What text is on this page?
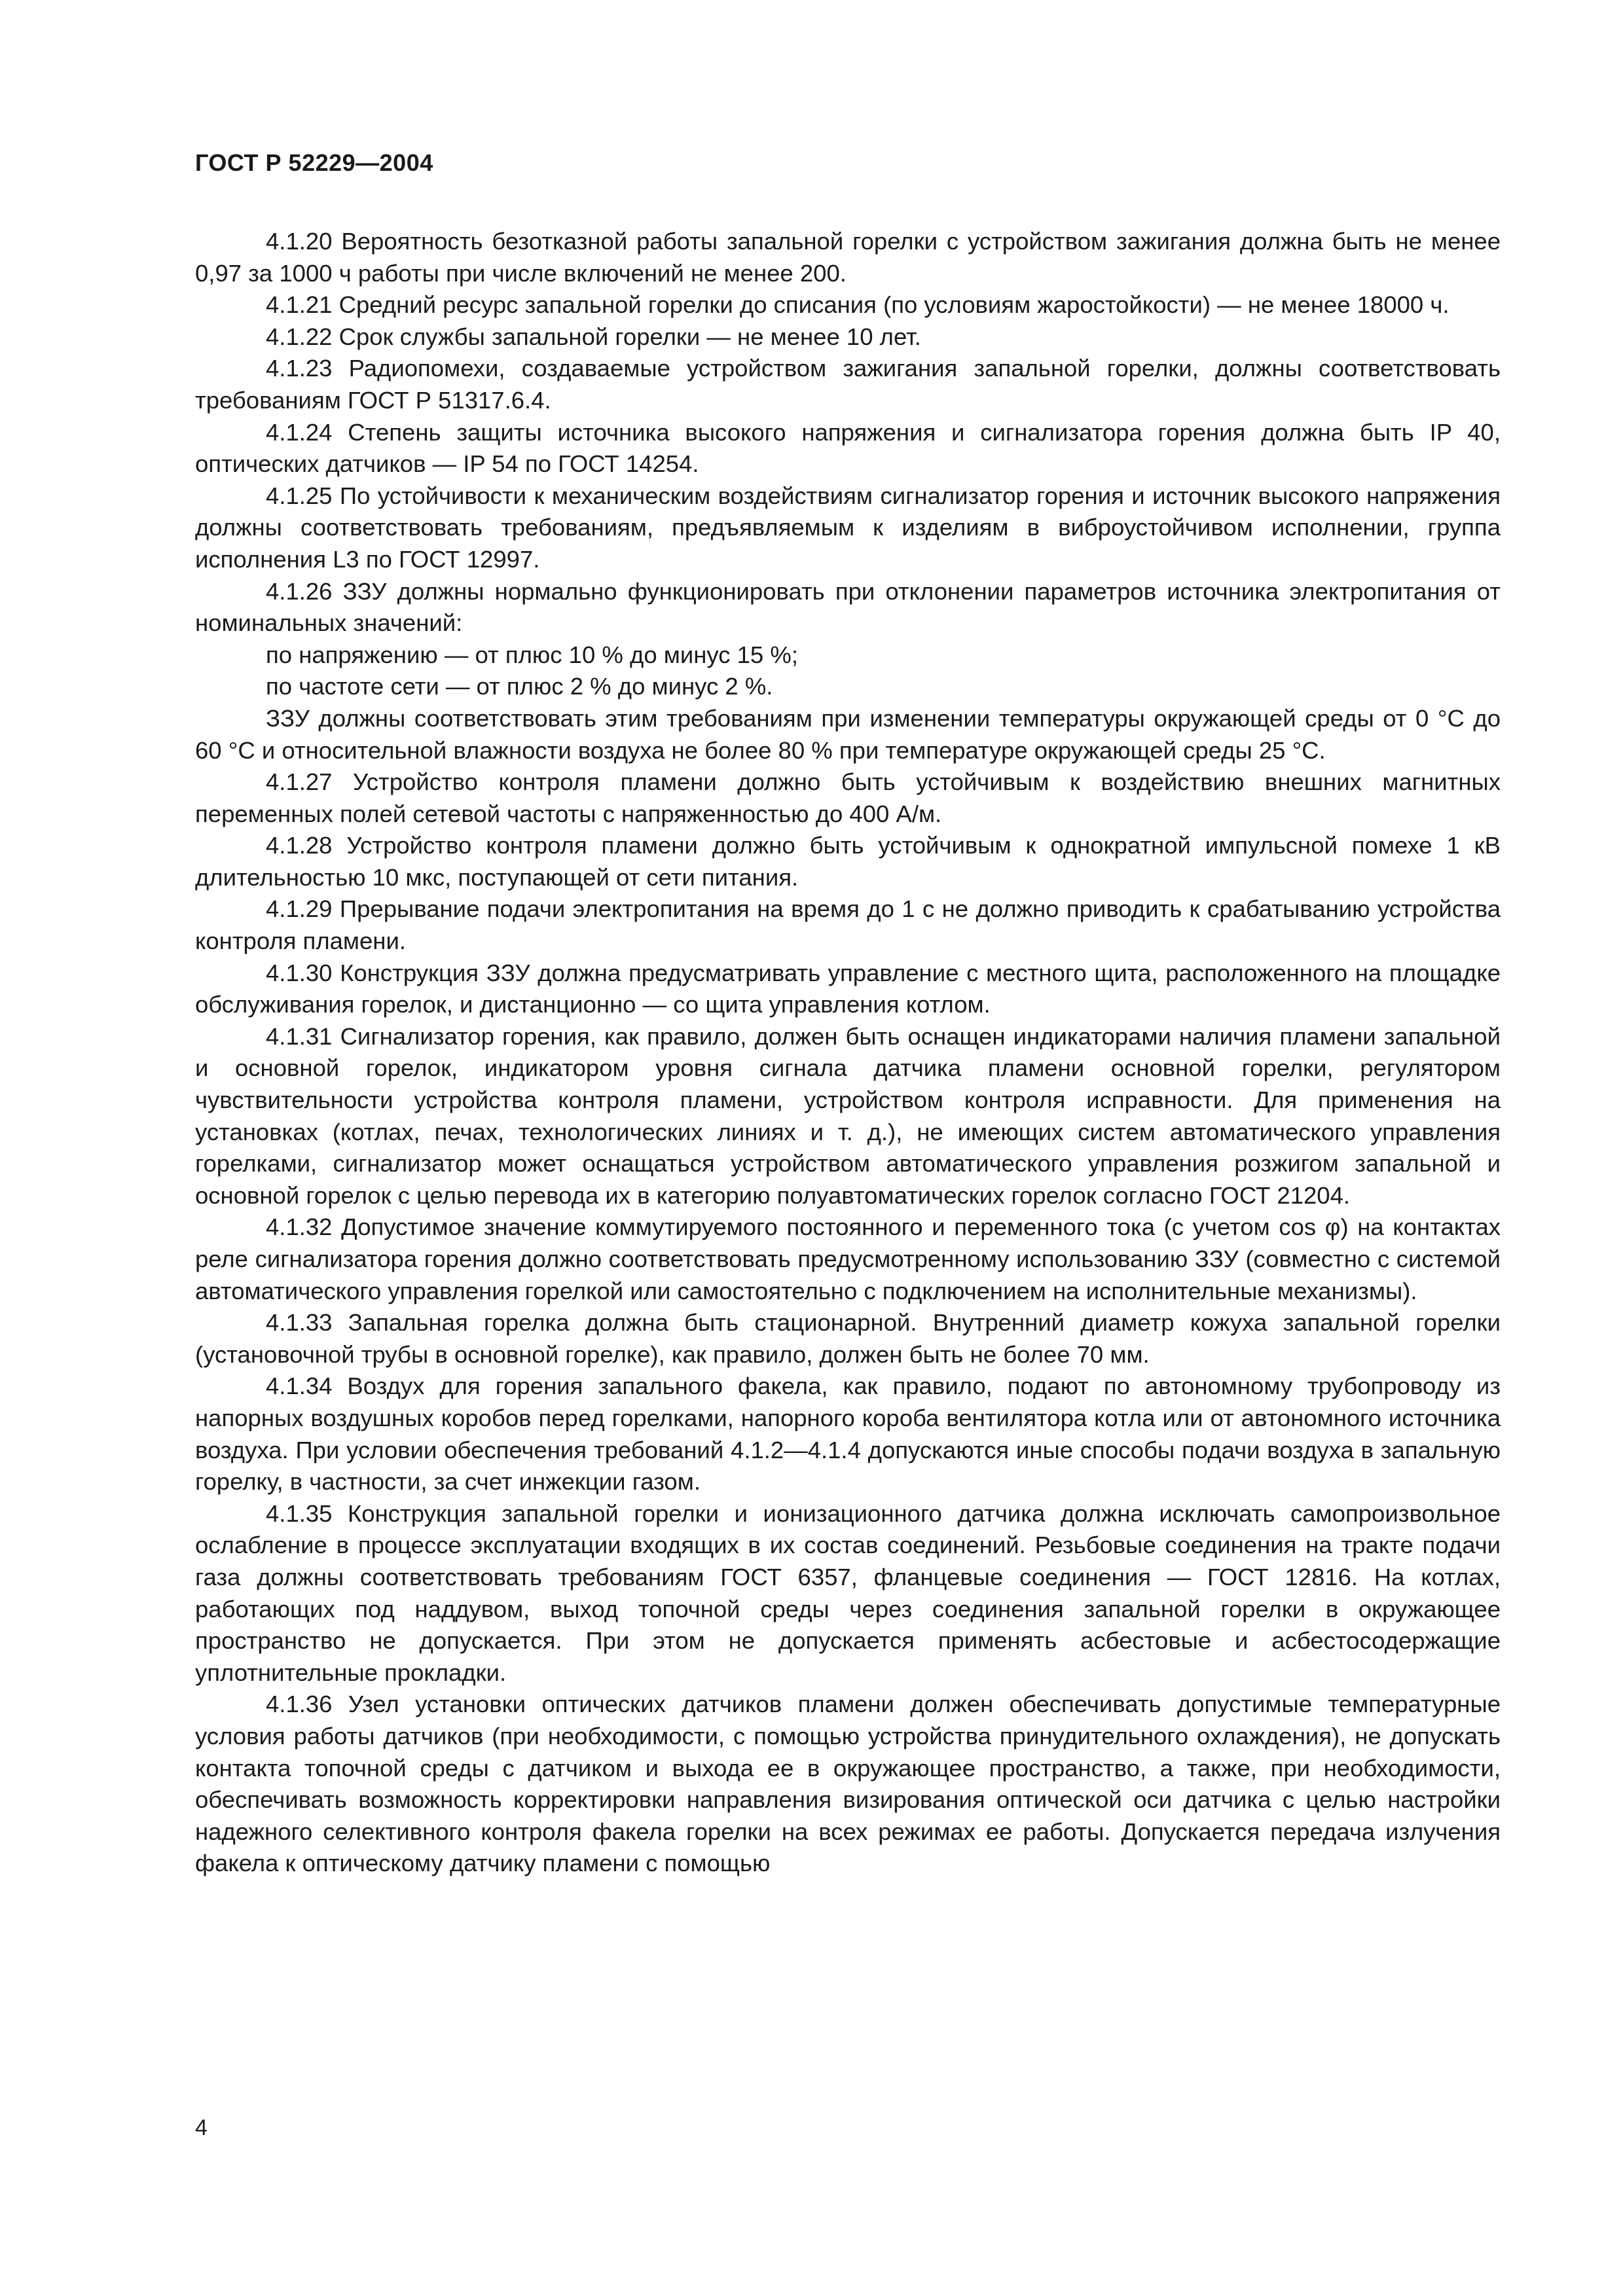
ГОСТ Р 52229—2004

4.1.20 Вероятность безотказной работы запальной горелки с устройством зажигания должна быть не менее 0,97 за 1000 ч работы при числе включений не менее 200.

4.1.21 Средний ресурс запальной горелки до списания (по условиям жаростойкости) — не менее 18000 ч.

4.1.22 Срок службы запальной горелки — не менее 10 лет.

4.1.23 Радиопомехи, создаваемые устройством зажигания запальной горелки, должны соответствовать требованиям ГОСТ Р 51317.6.4.

4.1.24 Степень защиты источника высокого напряжения и сигнализатора горения должна быть IP 40, оптических датчиков — IP 54 по ГОСТ 14254.

4.1.25 По устойчивости к механическим воздействиям сигнализатор горения и источник высокого напряжения должны соответствовать требованиям, предъявляемым к изделиям в виброустойчивом исполнении, группа исполнения L3 по ГОСТ 12997.

4.1.26 ЗЗУ должны нормально функционировать при отклонении параметров источника электропитания от номинальных значений:

по напряжению — от плюс 10 % до минус 15 %;

по частоте сети — от плюс 2 % до минус 2 %.

ЗЗУ должны соответствовать этим требованиям при изменении температуры окружающей среды от 0 °С до 60 °С и относительной влажности воздуха не более 80 % при температуре окружающей среды 25 °С.

4.1.27 Устройство контроля пламени должно быть устойчивым к воздействию внешних магнитных переменных полей сетевой частоты с напряженностью до 400 А/м.

4.1.28 Устройство контроля пламени должно быть устойчивым к однократной импульсной помехе 1 кВ длительностью 10 мкс, поступающей от сети питания.

4.1.29 Прерывание подачи электропитания на время до 1 с не должно приводить к срабатыванию устройства контроля пламени.

4.1.30 Конструкция ЗЗУ должна предусматривать управление с местного щита, расположенного на площадке обслуживания горелок, и дистанционно — со щита управления котлом.

4.1.31 Сигнализатор горения, как правило, должен быть оснащен индикаторами наличия пламени запальной и основной горелок, индикатором уровня сигнала датчика пламени основной горелки, регулятором чувствительности устройства контроля пламени, устройством контроля исправности. Для применения на установках (котлах, печах, технологических линиях и т. д.), не имеющих систем автоматического управления горелками, сигнализатор может оснащаться устройством автоматического управления розжигом запальной и основной горелок с целью перевода их в категорию полуавтоматических горелок согласно ГОСТ 21204.

4.1.32 Допустимое значение коммутируемого постоянного и переменного тока (с учетом cos φ) на контактах реле сигнализатора горения должно соответствовать предусмотренному использованию ЗЗУ (совместно с системой автоматического управления горелкой или самостоятельно с подключением на исполнительные механизмы).

4.1.33 Запальная горелка должна быть стационарной. Внутренний диаметр кожуха запальной горелки (установочной трубы в основной горелке), как правило, должен быть не более 70 мм.

4.1.34 Воздух для горения запального факела, как правило, подают по автономному трубопроводу из напорных воздушных коробов перед горелками, напорного короба вентилятора котла или от автономного источника воздуха. При условии обеспечения требований 4.1.2—4.1.4 допускаются иные способы подачи воздуха в запальную горелку, в частности, за счет инжекции газом.

4.1.35 Конструкция запальной горелки и ионизационного датчика должна исключать самопроизвольное ослабление в процессе эксплуатации входящих в их состав соединений. Резьбовые соединения на тракте подачи газа должны соответствовать требованиям ГОСТ 6357, фланцевые соединения — ГОСТ 12816. На котлах, работающих под наддувом, выход топочной среды через соединения запальной горелки в окружающее пространство не допускается. При этом не допускается применять асбестовые и асбестосодержащие уплотнительные прокладки.

4.1.36 Узел установки оптических датчиков пламени должен обеспечивать допустимые температурные условия работы датчиков (при необходимости, с помощью устройства принудительного охлаждения), не допускать контакта топочной среды с датчиком и выхода ее в окружающее пространство, а также, при необходимости, обеспечивать возможность корректировки направления визирования оптической оси датчика с целью настройки надежного селективного контроля факела горелки на всех режимах ее работы. Допускается передача излучения факела к оптическому датчику пламени с помощью

4
